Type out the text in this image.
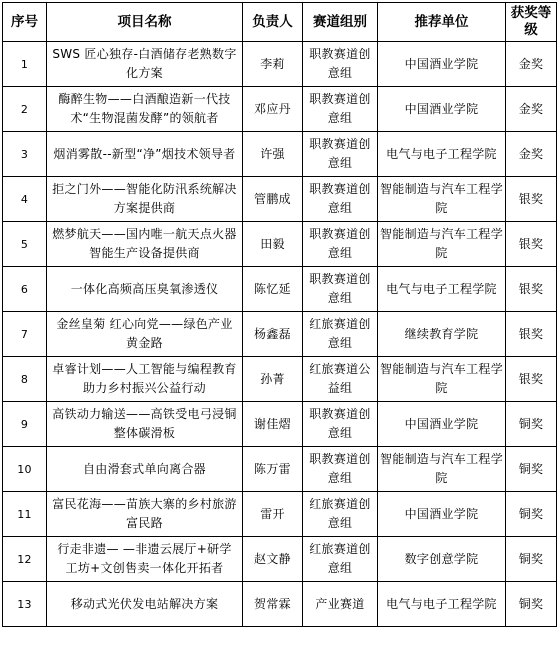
序号	项目名称	负责人	赛道组别	推荐单位	获奖等级
1	SWS 匠心独存-白酒储存老熟数字化方案	李莉	职教赛道创意组	中国酒业学院	金奖
2	酶醉生物——白酒酿造新一代技术“生物混菌发酵”的领航者	邓应丹	职教赛道创意组	中国酒业学院	金奖
3	烟消雾散--新型“净”烟技术领导者	许强	职教赛道创意组	电气与电子工程学院	金奖
4	拒之门外——智能化防汛系统解决方案提供商	管鹏成	职教赛道创意组	智能制造与汽车工程学院	银奖
5	燃梦航天——国内唯一航天点火器智能生产设备提供商	田毅	职教赛道创意组	智能制造与汽车工程学院	银奖
6	一体化高频高压臭氧渗透仪	陈忆延	职教赛道创意组	电气与电子工程学院	银奖
7	金丝皇菊 红心向党——绿色产业黄金路	杨鑫磊	红旅赛道创意组	继续教育学院	银奖
8	卓睿计划——人工智能与编程教育助力乡村振兴公益行动	孙菁	红旅赛道公益组	智能制造与汽车工程学院	银奖
9	高铁动力输送——高铁受电弓浸铜整体碳滑板	谢佳熠	职教赛道创意组	中国酒业学院	铜奖
10	自由滑套式单向离合器	陈万雷	职教赛道创意组	智能制造与汽车工程学院	铜奖
11	富民花海——苗族大寨的乡村旅游富民路	雷开	红旅赛道创意组	中国酒业学院	铜奖
12	行走非遗— —非遗云展厅+研学工坊+文创售卖一体化开拓者	赵文静	红旅赛道创意组	数字创意学院	铜奖
13	移动式光伏发电站解决方案	贺常霖	产业赛道	电气与电子工程学院	铜奖
